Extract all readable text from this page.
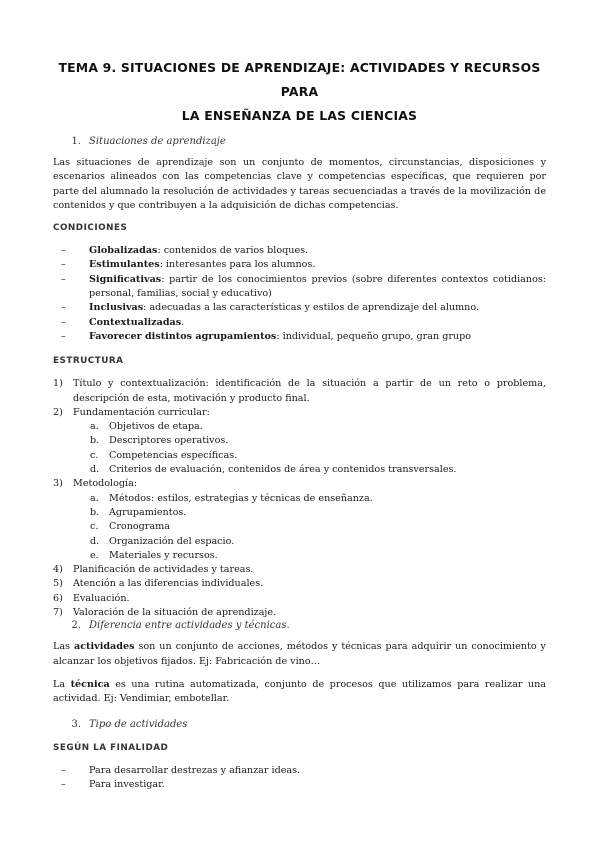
TEMA 9. SITUACIONES DE APRENDIZAJE: ACTIVIDADES Y RECURSOS PARA
LA ENSEÑANZA DE LAS CIENCIAS
1. Situaciones de aprendizaje

Las situaciones de aprendizaje son un conjunto de momentos, circunstancias, disposiciones y escenarios alineados con las competencias clave y competencias específicas, que requieren por parte del alumnado la resolución de actividades y tareas secuenciadas a través de la movilización de contenidos y que contribuyen a la adquisición de dichas competencias.

CONDICIONES
– Globalizadas: contenidos de varios bloques.
– Estimulantes: interesantes para los alumnos.
– Significativas: partir de los conocimientos previos (sobre diferentes contextos cotidianos: personal, familias, social y educativo)
– Inclusivas: adecuadas a las características y estilos de aprendizaje del alumno.
– Contextualizadas.
– Favorecer distintos agrupamientos: individual, pequeño grupo, gran grupo
ESTRUCTURA
1) Título y contextualización: identificación de la situación a partir de un reto o problema, descripción de esta, motivación y producto final.
2) Fundamentación curricular:
a. Objetivos de etapa.
b. Descriptores operativos.
c. Competencias específicas.
d. Criterios de evaluación, contenidos de área y contenidos transversales.
3) Metodología:
a. Métodos: estilos, estrategias y técnicas de enseñanza.
b. Agrupamientos.
c. Cronograma
d. Organización del espacio.
e. Materiales y recursos.
4) Planificación de actividades y tareas.
5) Atención a las diferencias individuales.
6) Evaluación.
7) Valoración de la situación de aprendizaje.
2. Diferencia entre actividades y técnicas.

Las actividades son un conjunto de acciones, métodos y técnicas para adquirir un conocimiento y alcanzar los objetivos fijados. Ej: Fabricación de vino…

La técnica es una rutina automatizada, conjunto de procesos que utilizamos para realizar una actividad. Ej: Vendimiar, embotellar.

3. Tipo de actividades
SEGÚN LA FINALIDAD
– Para desarrollar destrezas y afianzar ideas.
– Para investigar.
